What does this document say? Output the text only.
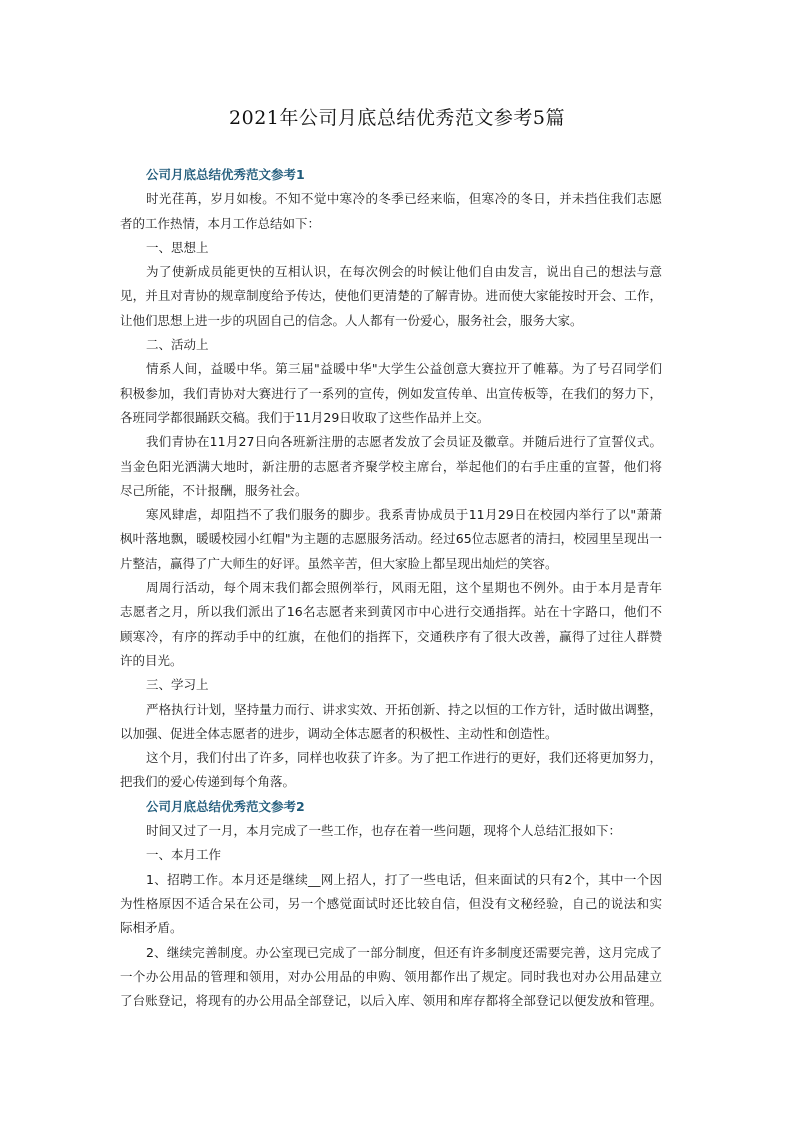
2021年公司月底总结优秀范文参考5篇
公司月底总结优秀范文参考1
时光荏苒，岁月如梭。不知不觉中寒冷的冬季已经来临，但寒冷的冬日，并未挡住我们志愿
者的工作热情，本月工作总结如下：
一、思想上
为了使新成员能更快的互相认识，在每次例会的时候让他们自由发言，说出自己的想法与意
见，并且对青协的规章制度给予传达，使他们更清楚的了解青协。进而使大家能按时开会、工作，
让他们思想上进一步的巩固自己的信念。人人都有一份爱心，服务社会，服务大家。
二、活动上
情系人间，益暖中华。第三届"益暖中华"大学生公益创意大赛拉开了帷幕。为了号召同学们
积极参加，我们青协对大赛进行了一系列的宣传，例如发宣传单、出宣传板等，在我们的努力下，
各班同学都很踊跃交稿。我们于11月29日收取了这些作品并上交。
我们青协在11月27日向各班新注册的志愿者发放了会员证及徽章。并随后进行了宣誓仪式。
当金色阳光洒满大地时，新注册的志愿者齐聚学校主席台，举起他们的右手庄重的宣誓，他们将
尽己所能，不计报酬，服务社会。
寒风肆虐，却阻挡不了我们服务的脚步。我系青协成员于11月29日在校园内举行了以"萧萧
枫叶落地飘，暖暖校园小红帽"为主题的志愿服务活动。经过65位志愿者的清扫，校园里呈现出一
片整洁，赢得了广大师生的好评。虽然辛苦，但大家脸上都呈现出灿烂的笑容。
周周行活动，每个周末我们都会照例举行，风雨无阻，这个星期也不例外。由于本月是青年
志愿者之月，所以我们派出了16名志愿者来到黄冈市中心进行交通指挥。站在十字路口，他们不
顾寒冷，有序的挥动手中的红旗，在他们的指挥下，交通秩序有了很大改善，赢得了过往人群赞
许的目光。
三、学习上
严格执行计划，坚持量力而行、讲求实效、开拓创新、持之以恒的工作方针，适时做出调整，
以加强、促进全体志愿者的进步，调动全体志愿者的积极性、主动性和创造性。
这个月，我们付出了许多，同样也收获了许多。为了把工作进行的更好，我们还将更加努力，
把我们的爱心传递到每个角落。
公司月底总结优秀范文参考2
时间又过了一月，本月完成了一些工作，也存在着一些问题，现将个人总结汇报如下：
一、本月工作
1、招聘工作。本月还是继续__网上招人，打了一些电话，但来面试的只有2个，其中一个因
为性格原因不适合呆在公司，另一个感觉面试时还比较自信，但没有文秘经验，自己的说法和实
际相矛盾。
2、继续完善制度。办公室现已完成了一部分制度，但还有许多制度还需要完善，这月完成了
一个办公用品的管理和领用，对办公用品的申购、领用都作出了规定。同时我也对办公用品建立
了台账登记，将现有的办公用品全部登记，以后入库、领用和库存都将全部登记以便发放和管理。
